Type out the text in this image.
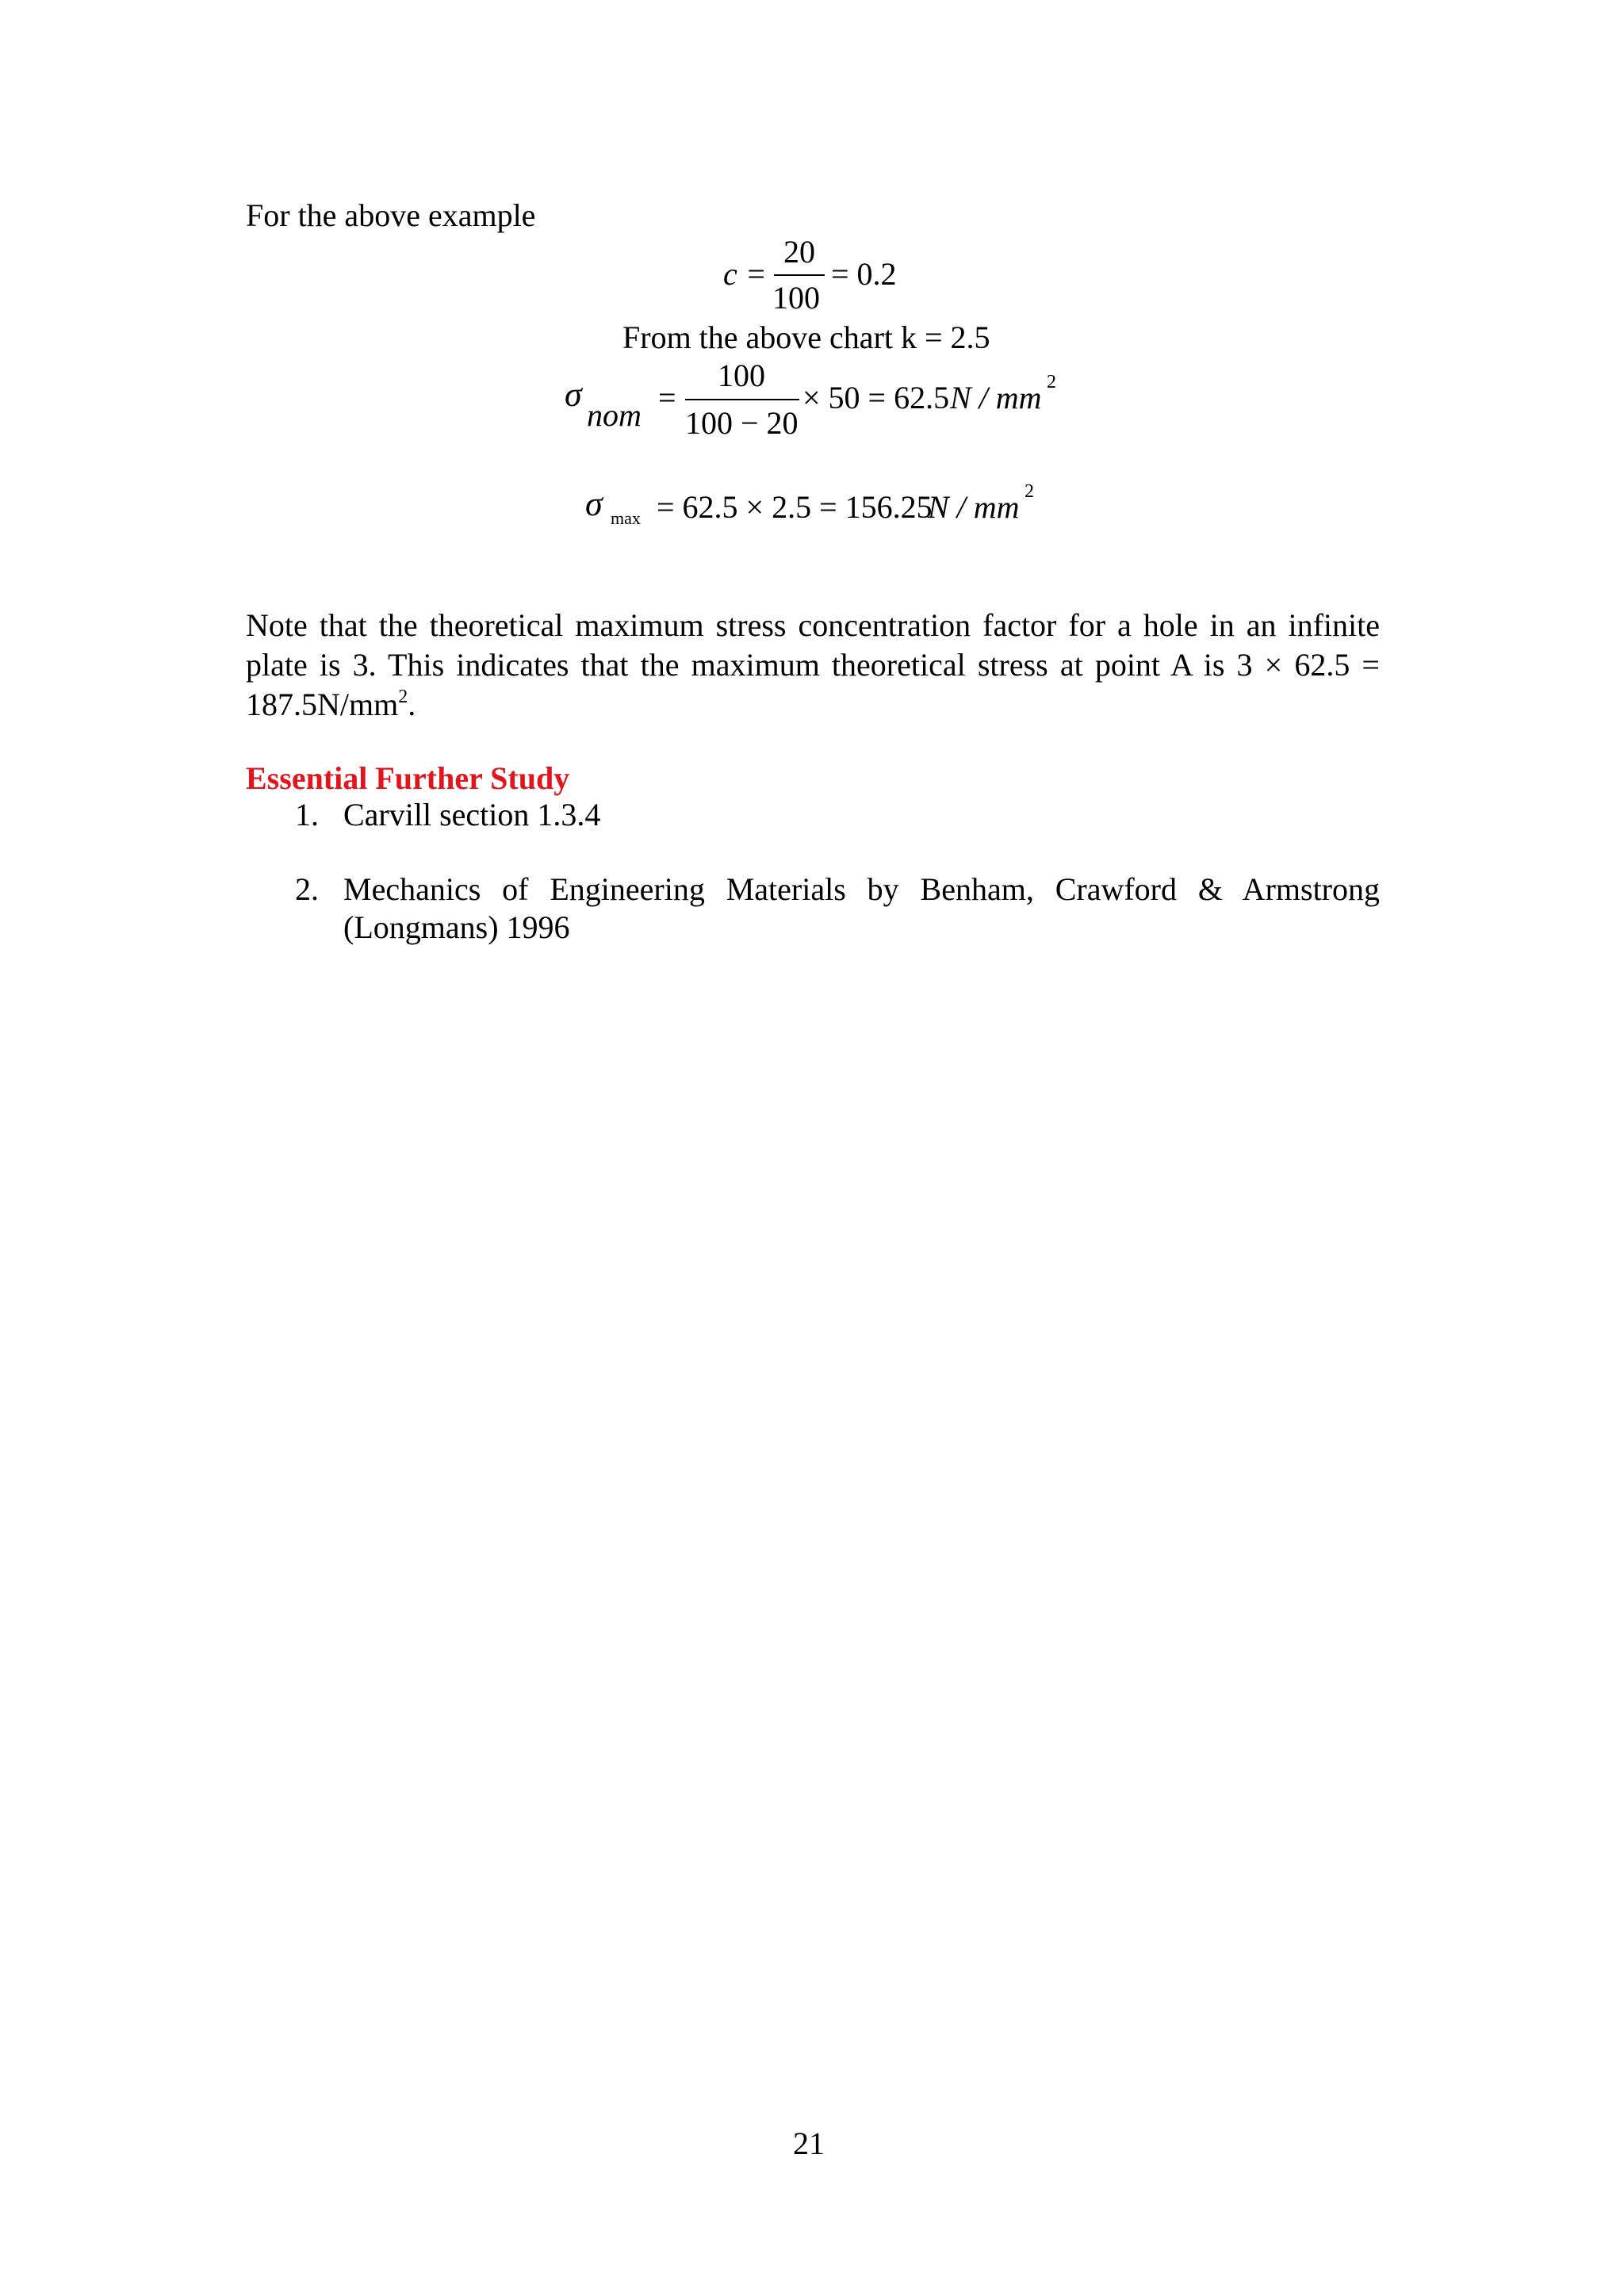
For the above example
c =
20
100
= 0.2
From the above chart k = 2.5
σ
nom =
100
100 − 20
× 50 = 62.5 N / mm 2
σ max = 62.5 × 2.5 = 156.25
N / mm 2
Note that the theoretical maximum stress concentration factor for a hole in an infinite
plate is 3. This indicates that the maximum theoretical stress at point A is 3 × 62.5 =
$187.5N/mm^2$.
Essential Further Study
1. Carvill section 1.3.4
2. Mechanics of Engineering Materials by Benham, Crawford & Armstrong
(Longmans) 1996
21
